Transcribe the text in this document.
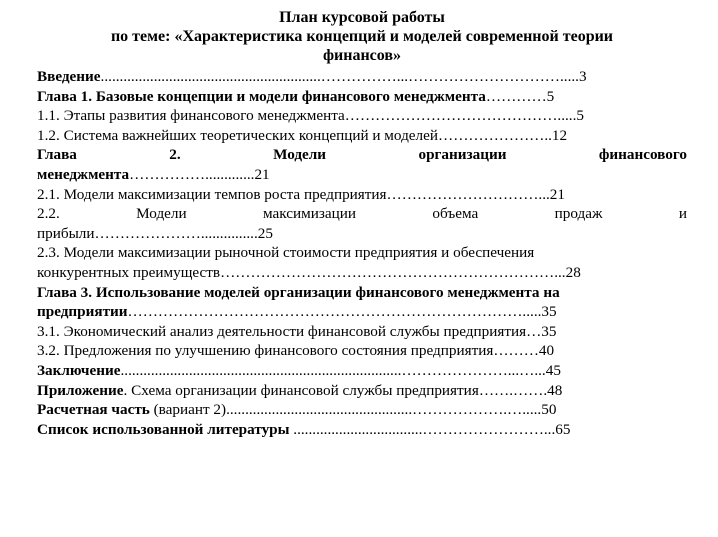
План курсовой работы
по теме: «Характеристика концепций и моделей современной теории
финансов»
Введение..........................................................……………...………………………….....3
Глава 1. Базовые концепции и модели финансового менеджмента…………5
1.1. Этапы развития финансового менеджмента…………………………………….....5
1.2. Система важнейших теоретических концепций и моделей…………………..12
Глава	2.	Модели	организации	финансового
менеджмента…………….............21
2.1. Модели максимизации темпов роста предприятия…………………………...21
2.2.	Модели	максимизации	объема	продаж	и
прибыли…………………...............25
2.3. Модели максимизации рыночной стоимости предприятия и обеспечения
конкурентных преимуществ…………………………………………………………...28
Глава 3. Использование моделей организации финансового менеджмента на
предприятии…………………………………………………………………….....35
3.1. Экономический анализ деятельности финансовой службы предприятия…35
3.2. Предложения по улучшению финансового состояния предприятия………40
Заключение..........................................................................…………………...…...45
Приложение. Схема организации финансовой службы предприятия…….…….48
Расчетная часть (вариант 2).................................................……………….….....50
Список использованной литературы ..................................……………………...65
